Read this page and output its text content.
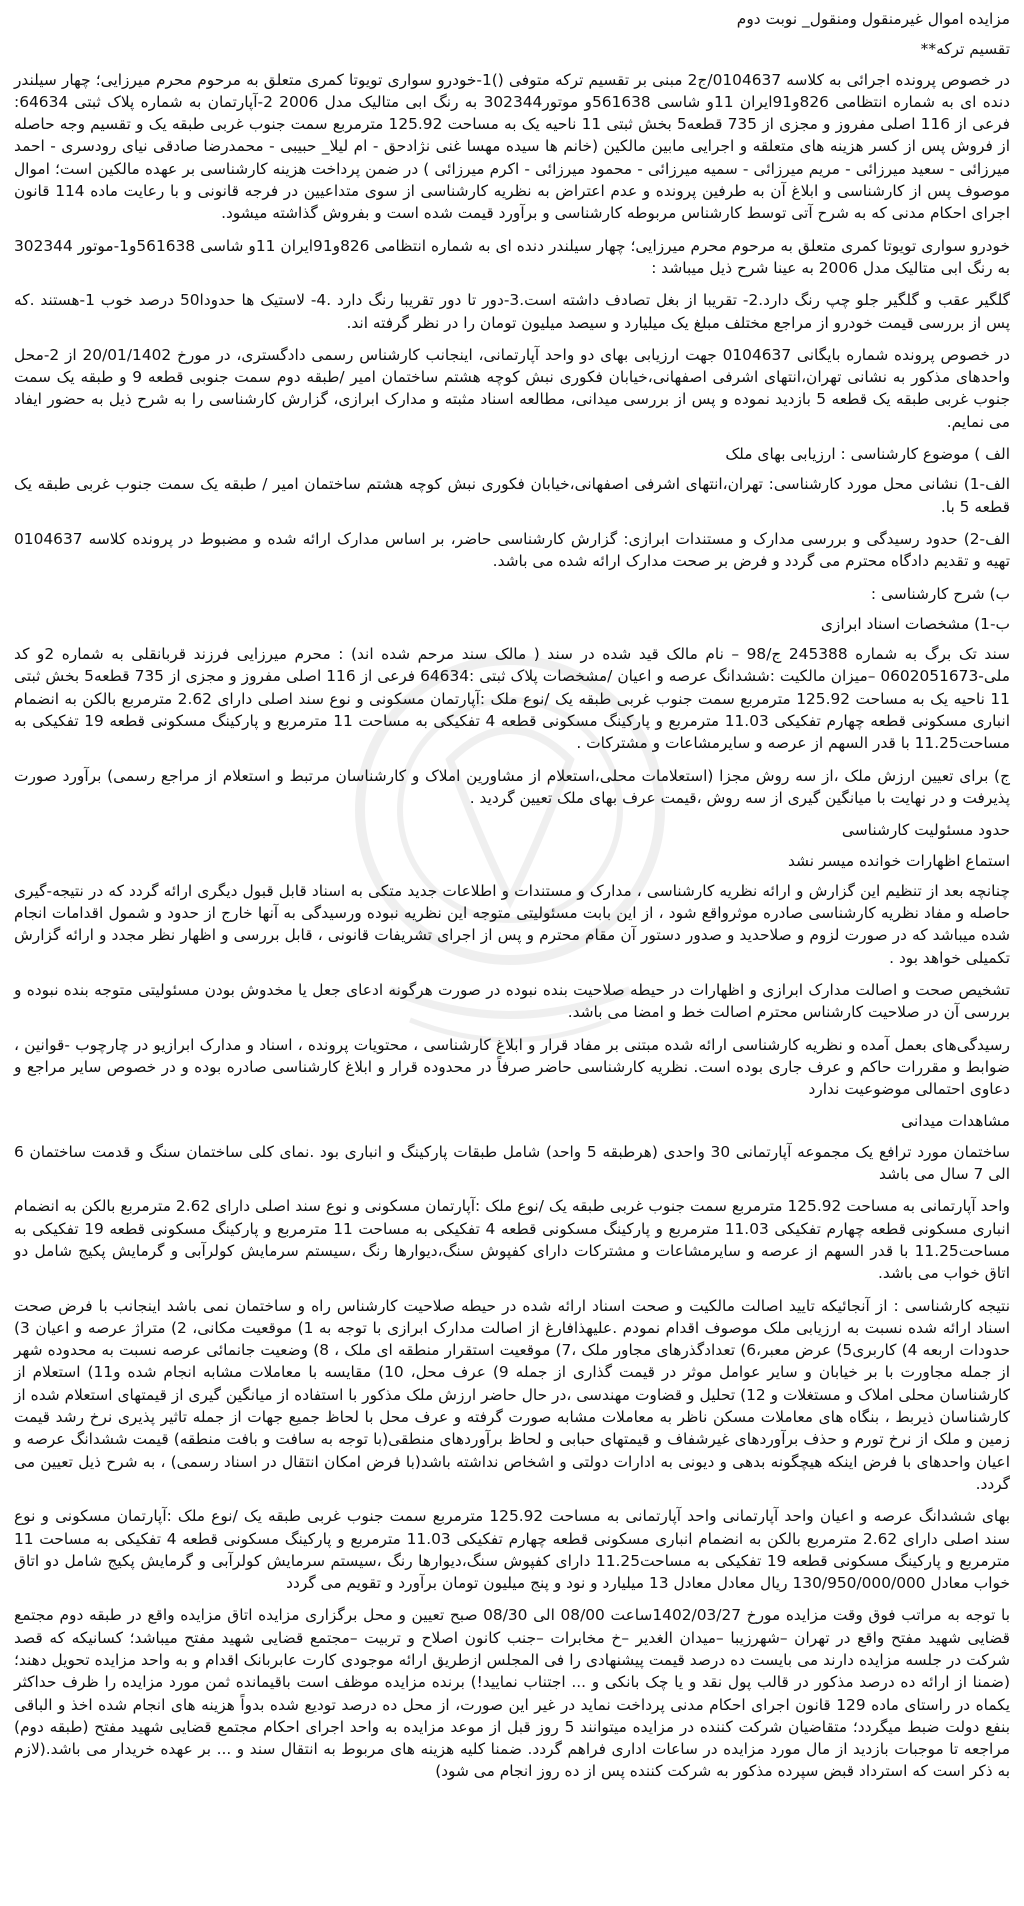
مزایده اموال غیرمنقول ومنقول_ نوبت دوم
تقسیم ترکه**
در خصوص پرونده اجرائی به کلاسه 0104637/ج2 مبنی بر تقسیم ترکه متوفی ()1-خودرو سواری تویوتا کمری متعلق به مرحوم محرم میرزایی؛ چهار سیلندر دنده ای به شماره انتظامی 826و91ایران 11و شاسی 561638و موتور302344 به رنگ ابی متالیک مدل 2006 2-آپارتمان به شماره پلاک ثبتی 64634: فرعی از 116 اصلی مفروز و مجزی از 735 قطعه5 بخش ثبتی 11 ناحیه یک به مساحت 125.92 مترمربع سمت جنوب غربی طبقه یک و تقسیم وجه حاصله از فروش پس از کسر هزینه های متعلقه و اجرایی مابین مالکین (خانم ها سیده مهسا غنی نژادحق - ام لیلا_ حبیبی - محمدرضا صادقی نیای رودسری - احمد میرزائی - سعید میرزائی - مریم میرزائی - سمیه میرزائی - محمود میرزائی - اکرم میرزائی ) در ضمن پرداخت هزینه کارشناسی بر عهده مالکین است؛ اموال موصوف پس از کارشناسی و ابلاغ آن به طرفین پرونده و عدم اعتراض به نظریه کارشناسی از سوی متداعیین در فرجه قانونی و با رعایت ماده 114 قانون اجرای احکام مدنی که به شرح آتی توسط کارشناس مربوطه کارشناسی و برآورد قیمت شده است و بفروش گذاشته میشود.
خودرو سواری تویوتا کمری متعلق به مرحوم محرم میرزایی؛ چهار سیلندر دنده ای به شماره انتظامی 826و91ایران 11و شاسی 561638و1-موتور 302344 به رنگ ابی متالیک مدل 2006 به عینا شرح ذیل میباشد :
گلگیر عقب و گلگیر جلو چپ رنگ دارد.2- تقریبا از بغل تصادف داشته است.3-دور تا دور تقریبا رنگ دارد .4- لاستیک ها حدودا50 درصد خوب 1-هستند .که پس از بررسی قیمت خودرو از مراجع مختلف مبلغ یک میلیارد و سیصد میلیون تومان را در نظر گرفته اند.
در خصوص پرونده شماره بایگانی 0104637 جهت ارزیابی بهای دو واحد آپارتمانی، اینجانب کارشناس رسمی دادگستری، در مورخ 20/01/1402 از 2-محل واحدهای مذکور به نشانی تهران،انتهای اشرفی اصفهانی،خیابان فکوری نبش کوچه هشتم ساختمان امیر /طبقه دوم سمت جنوبی قطعه 9 و طبقه یک سمت جنوب غربی طبقه یک قطعه 5 بازدید نموده و پس از بررسی میدانی، مطالعه اسناد مثبته و مدارک ابرازی، گزارش کارشناسی را به شرح ذیل به حضور ایفاد می نمایم.
الف ) موضوع کارشناسی : ارزیابی بهای ملک
الف-1) نشانی محل مورد کارشناسی: تهران،انتهای اشرفی اصفهانی،خیابان فکوری نبش کوچه هشتم ساختمان امیر / طبقه یک سمت جنوب غربی طبقه یک قطعه 5 با.
الف-2) حدود رسیدگی و بررسی مدارک و مستندات ابرازی: گزارش کارشناسی حاضر، بر اساس مدارک ارائه شده و مضبوط در پرونده کلاسه 0104637 تهیه و تقدیم دادگاه محترم می گردد و فرض بر صحت مدارک ارائه شده می باشد.
ب) شرح کارشناسی :
ب-1) مشخصات اسناد ابرازی
سند تک برگ به شماره 245388 ج/98 – نام مالک قید شده در سند ( مالک سند مرحم شده اند) : محرم میرزایی فرزند قربانقلی به شماره 2و کد ملی-0602051673 –میزان مالکیت :ششدانگ عرصه و اعیان /مشخصات پلاک ثبتی :64634 فرعی از 116 اصلی مفروز و مجزی از 735 قطعه5 بخش ثبتی 11 ناحیه یک به مساحت 125.92 مترمربع سمت جنوب غربی طبقه یک /نوع ملک :آپارتمان مسکونی و نوع سند اصلی دارای 2.62 مترمربع بالکن به انضمام انباری مسکونی قطعه چهارم تفکیکی 11.03 مترمربع و پارکینگ مسکونی قطعه 4 تفکیکی به مساحت 11 مترمربع و پارکینگ مسکونی قطعه 19 تفکیکی به مساحت11.25 با قدر السهم از عرصه و سایرمشاعات و مشترکات .
ج) برای تعیین ارزش ملک ،از سه روش مجزا (استعلامات محلی،استعلام از مشاورین املاک و کارشناسان مرتبط و استعلام از مراجع رسمی) برآورد صورت پذیرفت و در نهایت با میانگین گیری از سه روش ،قیمت عرف بهای ملک تعیین گردید .
حدود مسئولیت کارشناسی
استماع اظهارات خوانده میسر نشد
چنانچه بعد از تنظیم این گزارش و ارائه نظریه کارشناسی ، مدارک و مستندات و اطلاعات جدید متکی به اسناد قابل قبول دیگری ارائه گردد که در نتیجه-گیری حاصله و مفاد نظریه کارشناسی صادره موثرواقع شود ، از این بابت مسئولیتی متوجه این نظریه نبوده ورسیدگی به آنها خارج از حدود و شمول اقدامات انجام شده میباشد که در صورت لزوم و صلاحدید و صدور دستور آن مقام محترم و پس از اجرای تشریفات قانونی ، قابل بررسی و اظهار نظر مجدد و ارائه گزارش تکمیلی خواهد بود .
تشخیص صحت و اصالت مدارک ابرازی و اظهارات در حیطه صلاحیت بنده نبوده در صورت هرگونه ادعای جعل یا مخدوش بودن مسئولیتی متوجه بنده نبوده و بررسی آن در صلاحیت کارشناس محترم اصالت خط و امضا می باشد.
رسیدگی‌های بعمل آمده و نظریه کارشناسی ارائه شده مبتنی بر مفاد قرار و ابلاغ کارشناسی ، محتویات پرونده ، اسناد و مدارک ابرازیو در چارچوب -قوانین ، ضوابط و مقررات حاکم و عرف جاری بوده است. نظریه کارشناسی حاضر صرفاً در محدوده قرار و ابلاغ کارشناسی صادره بوده و در خصوص سایر مراجع و دعاوی احتمالی موضوعیت ندارد
مشاهدات میدانی
ساختمان مورد ترافع یک مجموعه آپارتمانی 30 واحدی (هرطبقه 5 واحد) شامل طبقات پارکینگ و انباری بود .نمای کلی ساختمان سنگ و قدمت ساختمان 6 الی 7 سال می باشد
واحد آپارتمانی به مساحت 125.92 مترمربع سمت جنوب غربی طبقه یک /نوع ملک :آپارتمان مسکونی و نوع سند اصلی دارای 2.62 مترمربع بالکن به انضمام انباری مسکونی قطعه چهارم تفکیکی 11.03 مترمربع و پارکینگ مسکونی قطعه 4 تفکیکی به مساحت 11 مترمربع و پارکینگ مسکونی قطعه 19 تفکیکی به مساحت11.25 با قدر السهم از عرصه و سایرمشاعات و مشترکات دارای کفپوش سنگ،دیوارها رنگ ،سیستم سرمایش کولرآبی و گرمایش پکیج شامل دو اتاق خواب می باشد.
نتیجه کارشناسی : از آنجائیکه تایید اصالت مالکیت و صحت اسناد ارائه شده در حیطه صلاحیت کارشناس راه و ساختمان نمی باشد اینجانب با فرض صحت اسناد ارائه شده نسبت به ارزیابی ملک موصوف اقدام نمودم .علیهذافارغ از اصالت مدارک ابرازی با توجه به 1) موقعیت مکانی، 2) متراژ عرصه و اعیان 3) حدودات اربعه 4) کاربری5) عرض معبر،6) تعدادگذرهای مجاور ملک ،7) موقعیت استقرار منطقه ای ملک ، 8) وضعیت جانمائی عرصه نسبت به محدوده شهر از جمله مجاورت با بر خیابان و سایر عوامل موثر در قیمت گذاری از جمله 9) عرف محل، 10) مقایسه با معاملات مشابه انجام شده و11) استعلام از کارشناسان محلی املاک و مستغلات و 12) تحلیل و قضاوت مهندسی ،در حال حاضر ارزش ملک مذکور با استفاده از میانگین گیری از قیمتهای استعلام شده از کارشناسان ذیربط ، بنگاه های معاملات مسکن ناظر به معاملات مشابه صورت گرفته و عرف محل با لحاظ جمیع جهات از جمله تاثیر پذیری نرخ رشد قیمت زمین و ملک از نرخ تورم و حذف برآوردهای غیرشفاف و قیمتهای حبابی و لحاظ برآوردهای منطقی(با توجه به سافت و بافت منطقه) قیمت ششدانگ عرصه و اعیان واحدهای با فرض اینکه هیچگونه بدهی و دیونی به ادارات دولتی و اشخاص نداشته باشد(با فرض امکان انتقال در اسناد رسمی) ، به شرح ذیل تعیین می گردد.
بهای ششدانگ عرصه و اعیان واحد آپارتمانی واحد آپارتمانی به مساحت 125.92 مترمربع سمت جنوب غربی طبقه یک /نوع ملک :آپارتمان مسکونی و نوع سند اصلی دارای 2.62 مترمربع بالکن به انضمام انباری مسکونی قطعه چهارم تفکیکی 11.03 مترمربع و پارکینگ مسکونی قطعه 4 تفکیکی به مساحت 11 مترمربع و پارکینگ مسکونی قطعه 19 تفکیکی به مساحت11.25 دارای کفپوش سنگ،دیوارها رنگ ،سیستم سرمایش کولرآبی و گرمایش پکیج شامل دو اتاق خواب معادل 130/950/000/000 ریال معادل معادل 13 میلیارد و نود و پنج میلیون تومان برآورد و تقویم می گردد
با توجه به مراتب فوق وقت مزایده مورخ 1402/03/27ساعت 08/00 الی 08/30 صبح تعیین و محل برگزاری مزایده اتاق مزایده واقع در طبقه دوم مجتمع قضایی شهید مفتح واقع در تهران –شهرزیبا –میدان الغدیر –خ مخابرات –جنب کانون اصلاح و تربیت –مجتمع قضایی شهید مفتح میباشد؛ کسانیکه که قصد شرکت در جلسه مزایده دارند می بایست ده درصد قیمت پیشنهادی را فی المجلس ازطریق ارائه موجودی کارت عابربانک اقدام و به واحد مزایده تحویل دهند؛ (ضمنا از ارائه ده درصد مذکور در قالب پول نقد و یا چک بانکی و ... اجتناب نمایید!) برنده مزایده موظف است باقیمانده ثمن مورد مزایده را ظرف حداکثر یکماه در راستای ماده 129 قانون اجرای احکام مدنی پرداخت نماید در غیر این صورت، از محل ده درصد تودیع شده بدواً هزینه های انجام شده اخذ و الباقی بنفع دولت ضبط میگردد؛ متقاضیان شرکت کننده در مزایده میتوانند 5 روز قبل از موعد مزایده به واحد اجرای احکام مجتمع قضایی شهید مفتح (طبقه دوم) مراجعه تا موجبات بازدید از مال مورد مزایده در ساعات اداری فراهم گردد. ضمنا کلیه هزینه های مربوط به انتقال سند و ... بر عهده خریدار می باشد.(لازم به ذکر است که استرداد قبض سپرده مذکور به شرکت کننده پس از ده روز انجام می شود)
